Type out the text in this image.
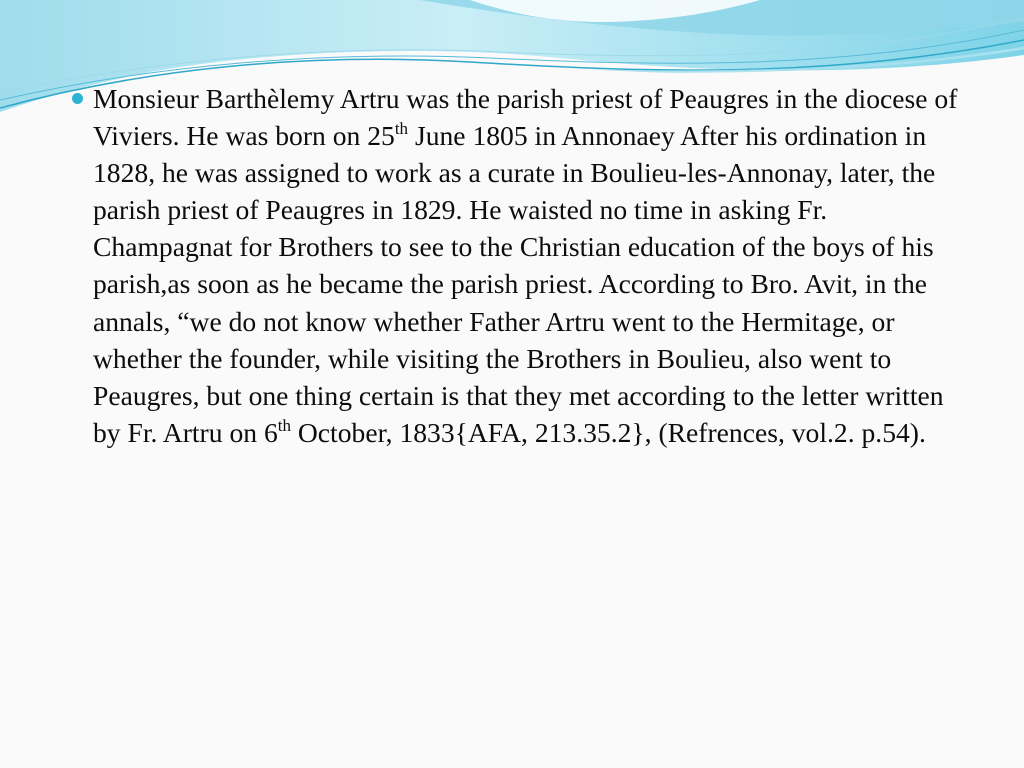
Monsieur Barthèlemy Artru was the parish priest of Peaugres in the diocese of Viviers. He was born on 25th June 1805 in Annonaey After his ordination in 1828, he was assigned to work as a curate in Boulieu-les-Annonay, later, the parish priest of Peaugres in 1829. He waisted no time in asking Fr. Champagnat for Brothers to see to the Christian education of the boys of his parish,as soon as he became the parish priest. According to Bro. Avit, in the annals, “we do not know whether Father Artru went to the Hermitage, or whether the founder, while visiting the Brothers in Boulieu, also went to Peaugres, but one thing certain is that they met according to the letter written by Fr. Artru on 6th October, 1833{AFA, 213.35.2}, (Refrences, vol.2. p.54).
